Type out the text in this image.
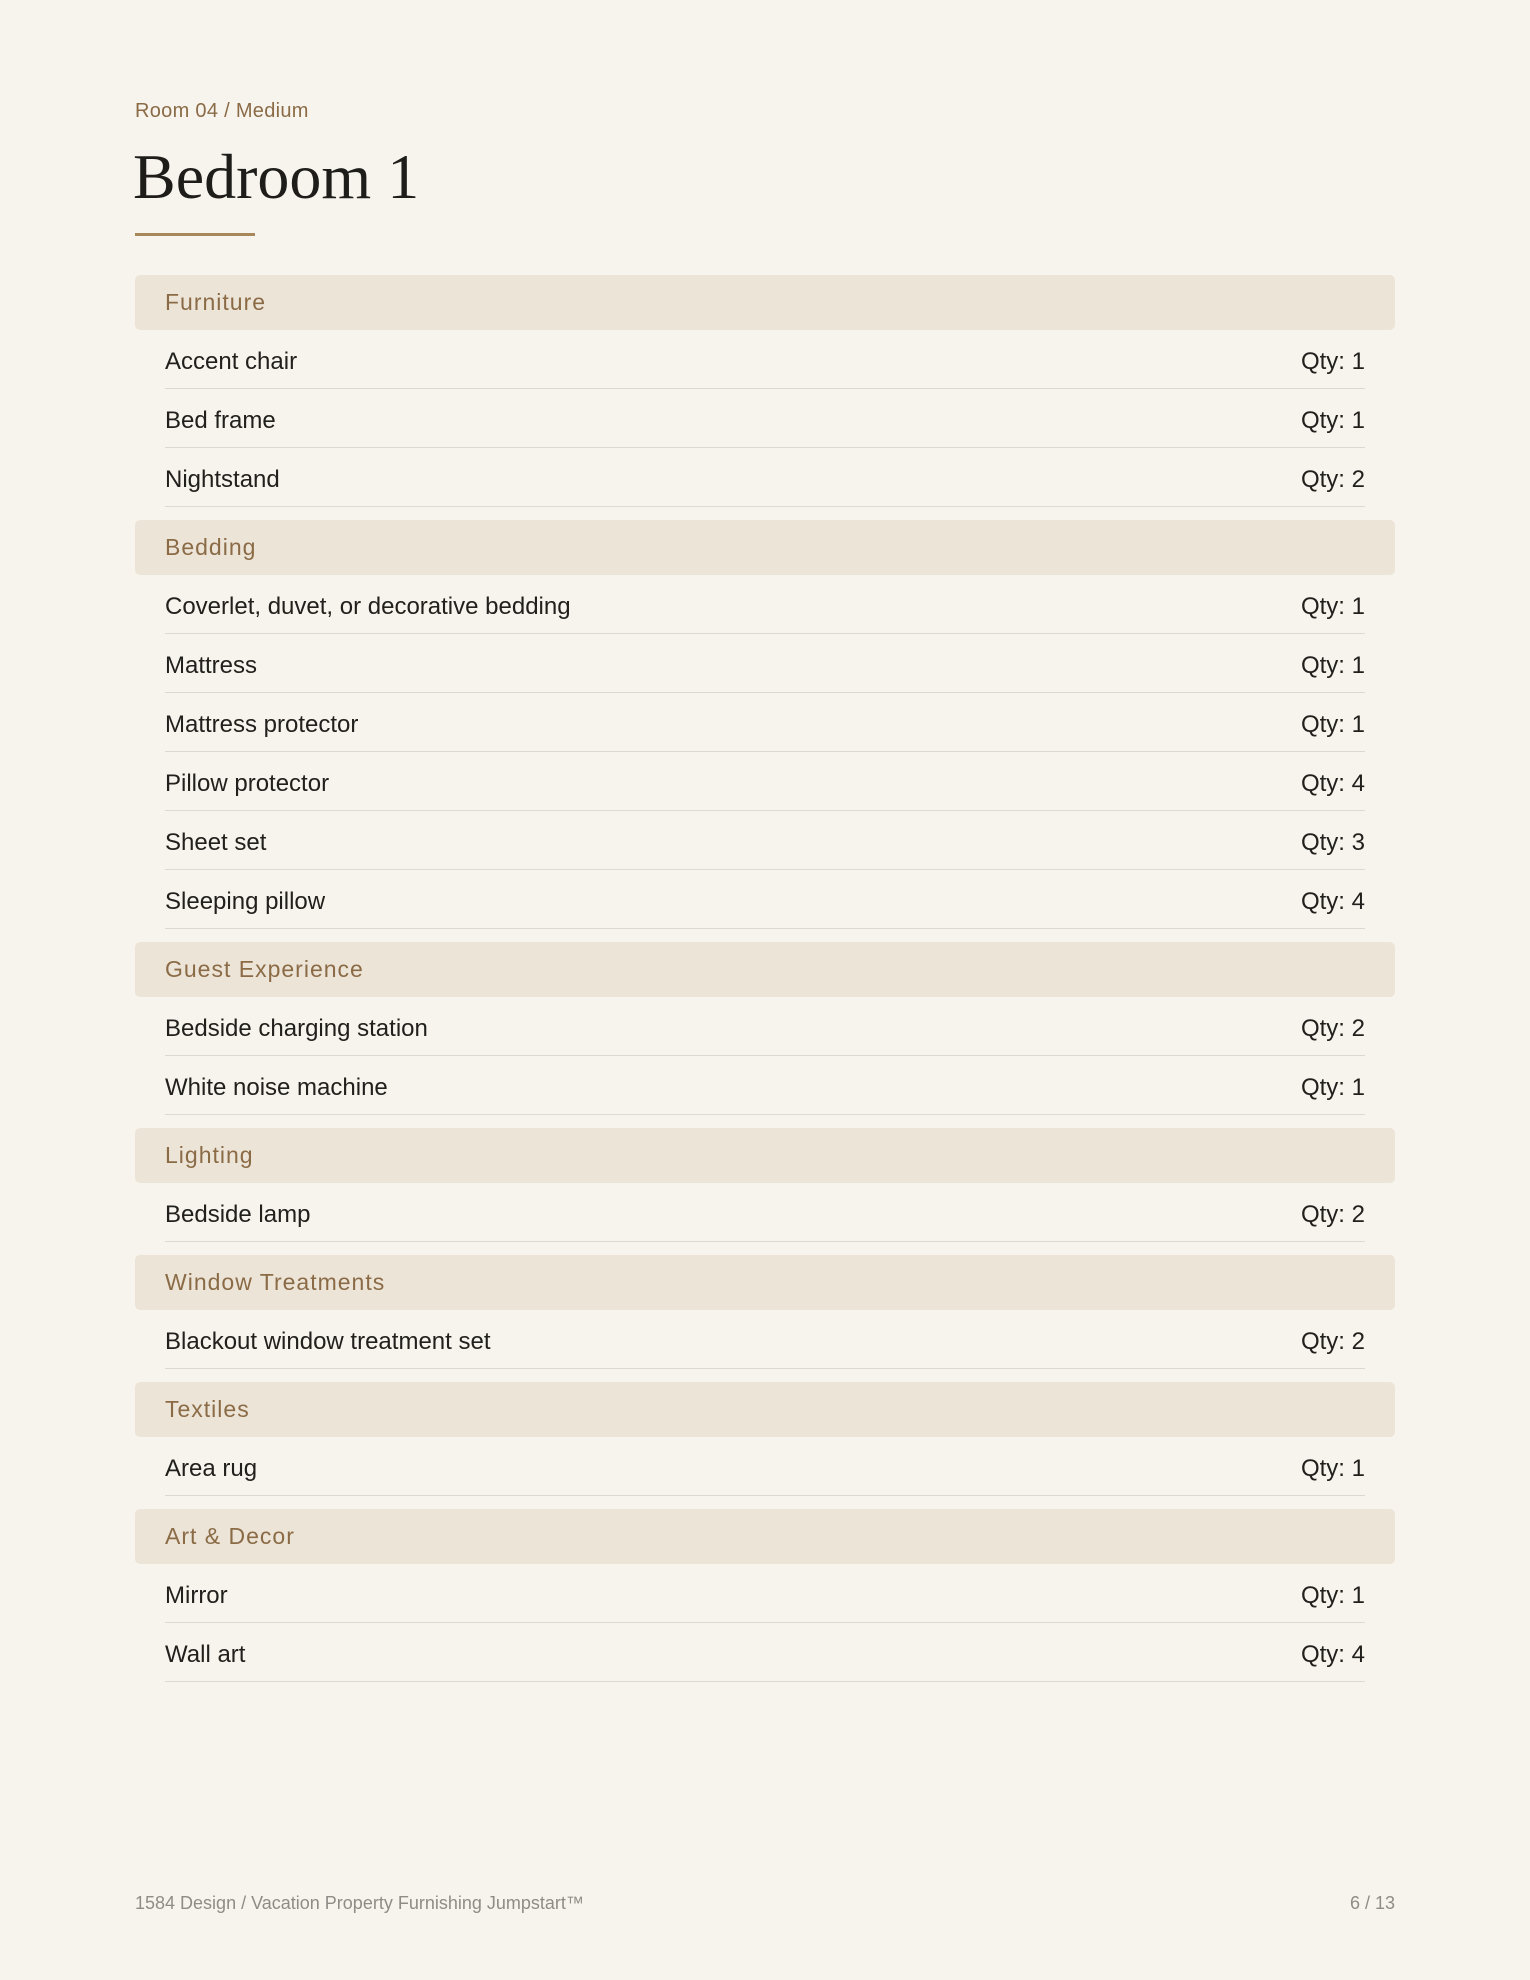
Room 04 / Medium
Bedroom 1
Furniture
Accent chair	Qty: 1
Bed frame	Qty: 1
Nightstand	Qty: 2
Bedding
Coverlet, duvet, or decorative bedding	Qty: 1
Mattress	Qty: 1
Mattress protector	Qty: 1
Pillow protector	Qty: 4
Sheet set	Qty: 3
Sleeping pillow	Qty: 4
Guest Experience
Bedside charging station	Qty: 2
White noise machine	Qty: 1
Lighting
Bedside lamp	Qty: 2
Window Treatments
Blackout window treatment set	Qty: 2
Textiles
Area rug	Qty: 1
Art & Decor
Mirror	Qty: 1
Wall art	Qty: 4
1584 Design / Vacation Property Furnishing Jumpstart™	6 / 13
